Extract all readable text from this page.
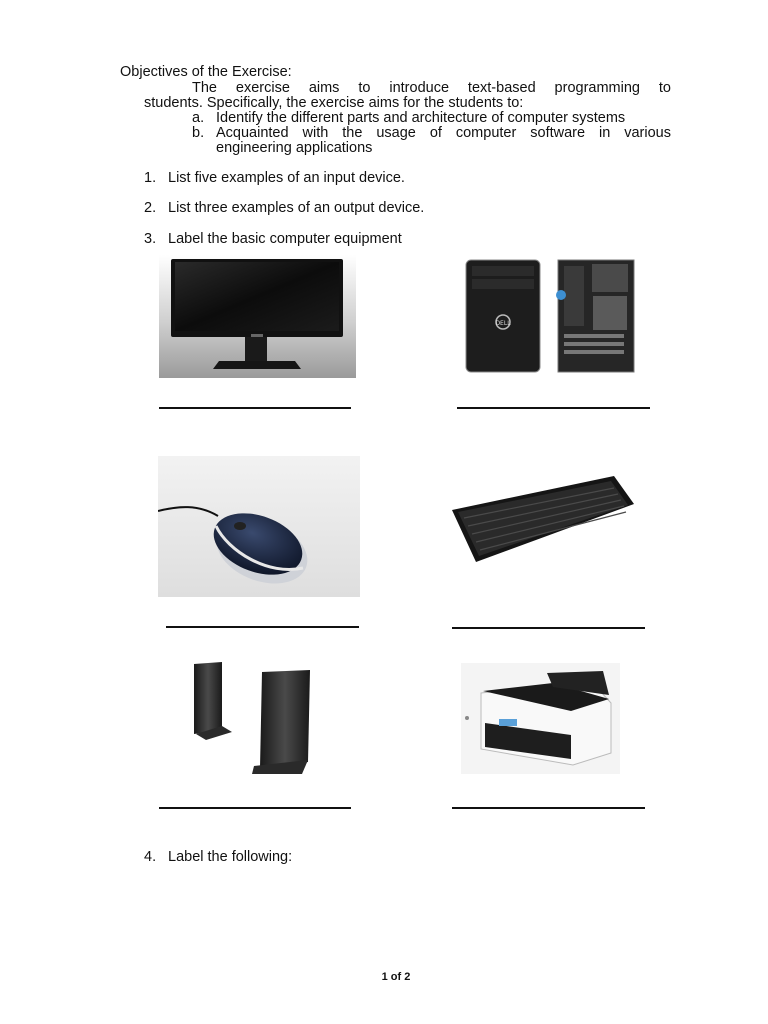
Objectives of the Exercise:
The exercise aims to introduce text-based programming to
students. Specifically, the exercise aims for the students to:
a. Identify the different parts and architecture of computer systems
b. Acquainted with the usage of computer software in various
engineering applications
1. List five examples of an input device.
2. List three examples of an output device.
3. Label the basic computer equipment
DELL
4. Label the following:
1 of 2
